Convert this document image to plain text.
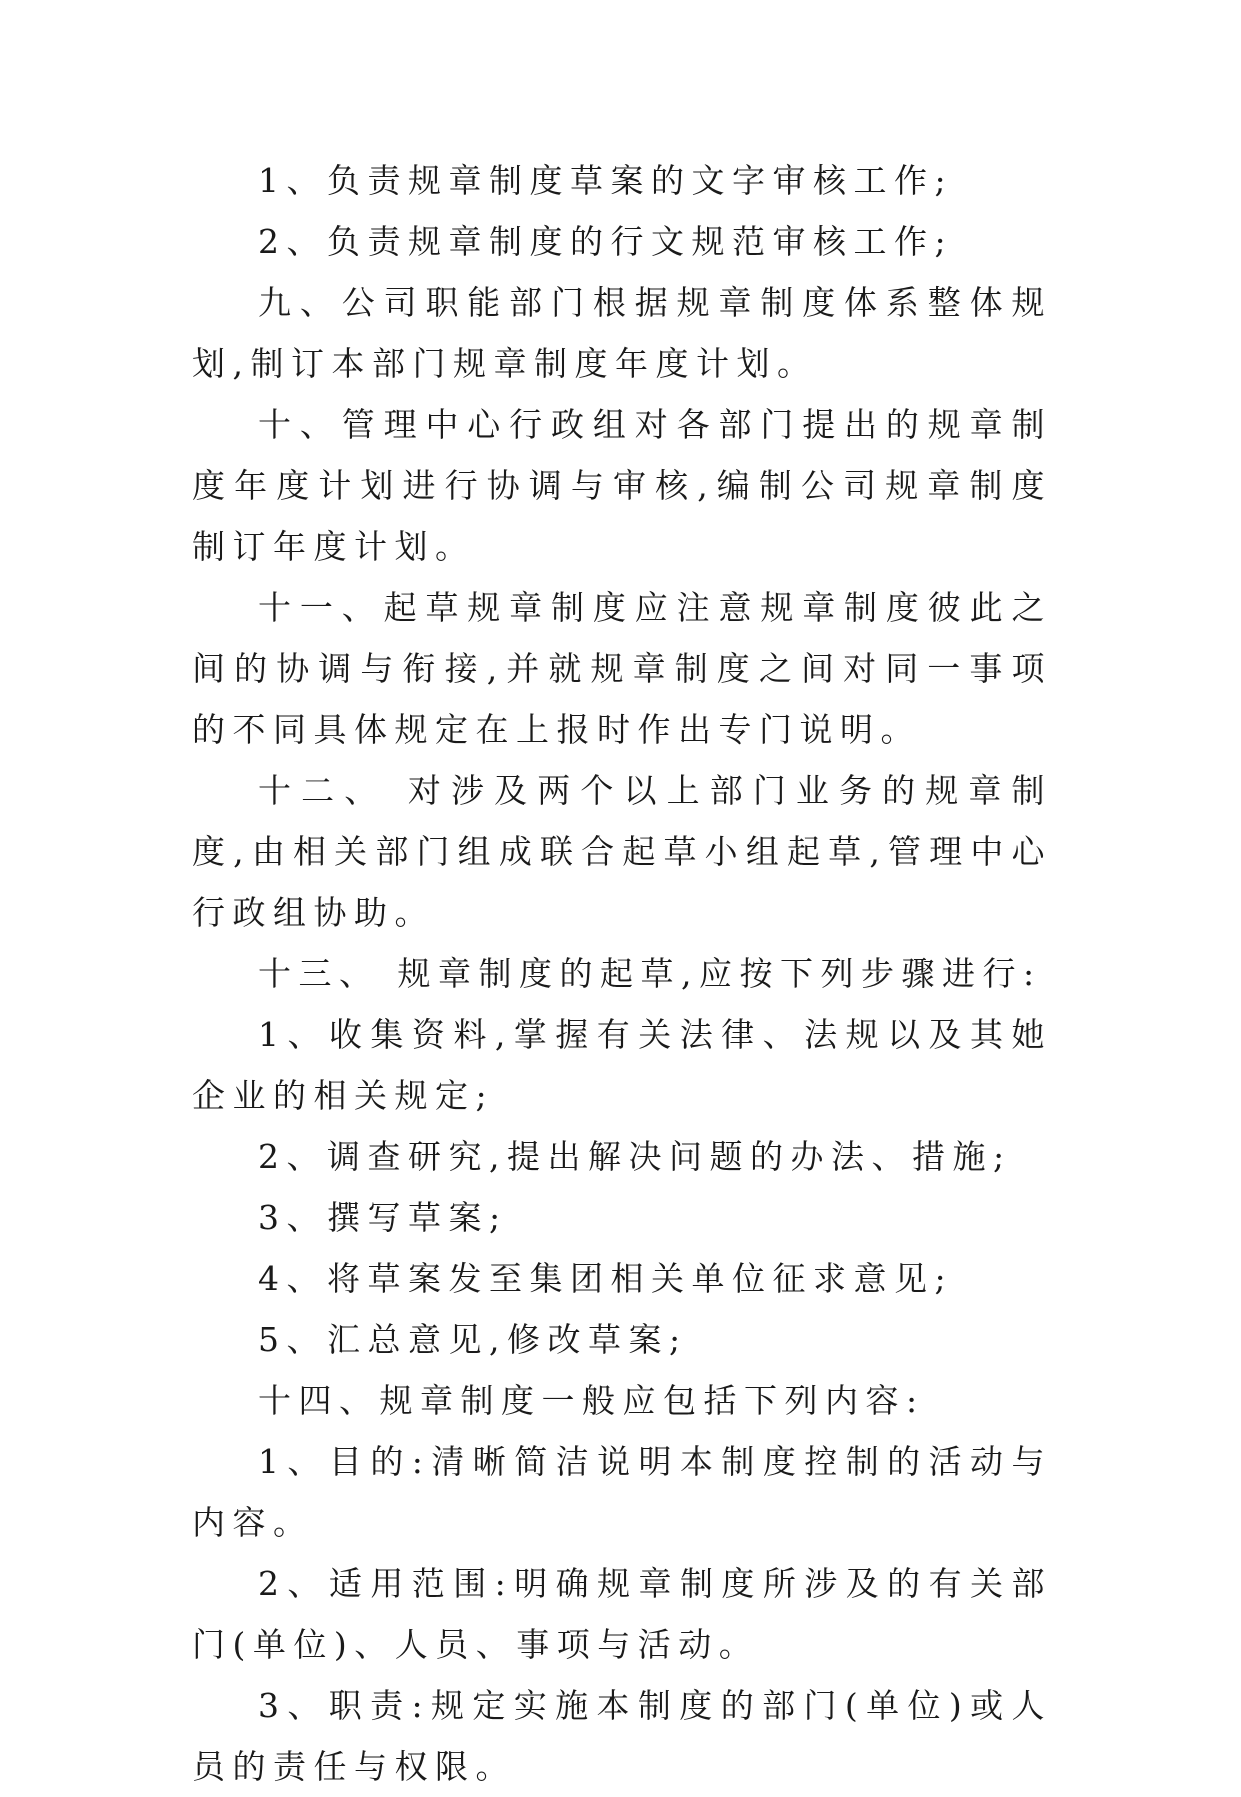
1、负责规章制度草案的文字审核工作;

2、负责规章制度的行文规范审核工作;

九、公司职能部门根据规章制度体系整体规划,制订本部门规章制度年度计划。

十、管理中心行政组对各部门提出的规章制度年度计划进行协调与审核,编制公司规章制度制订年度计划。

十一、起草规章制度应注意规章制度彼此之间的协调与衔接,并就规章制度之间对同一事项的不同具体规定在上报时作出专门说明。

十二、 对涉及两个以上部门业务的规章制度,由相关部门组成联合起草小组起草,管理中心行政组协助。

十三、 规章制度的起草,应按下列步骤进行:

1、收集资料,掌握有关法律、法规以及其她企业的相关规定;

2、调查研究,提出解决问题的办法、措施;

3、撰写草案;

4、将草案发至集团相关单位征求意见;

5、汇总意见,修改草案;

十四、规章制度一般应包括下列内容:

1、目的:清晰简洁说明本制度控制的活动与内容。

2、适用范围:明确规章制度所涉及的有关部门(单位)、人员、事项与活动。

3、职责:规定实施本制度的部门(单位)或人员的责任与权限。
